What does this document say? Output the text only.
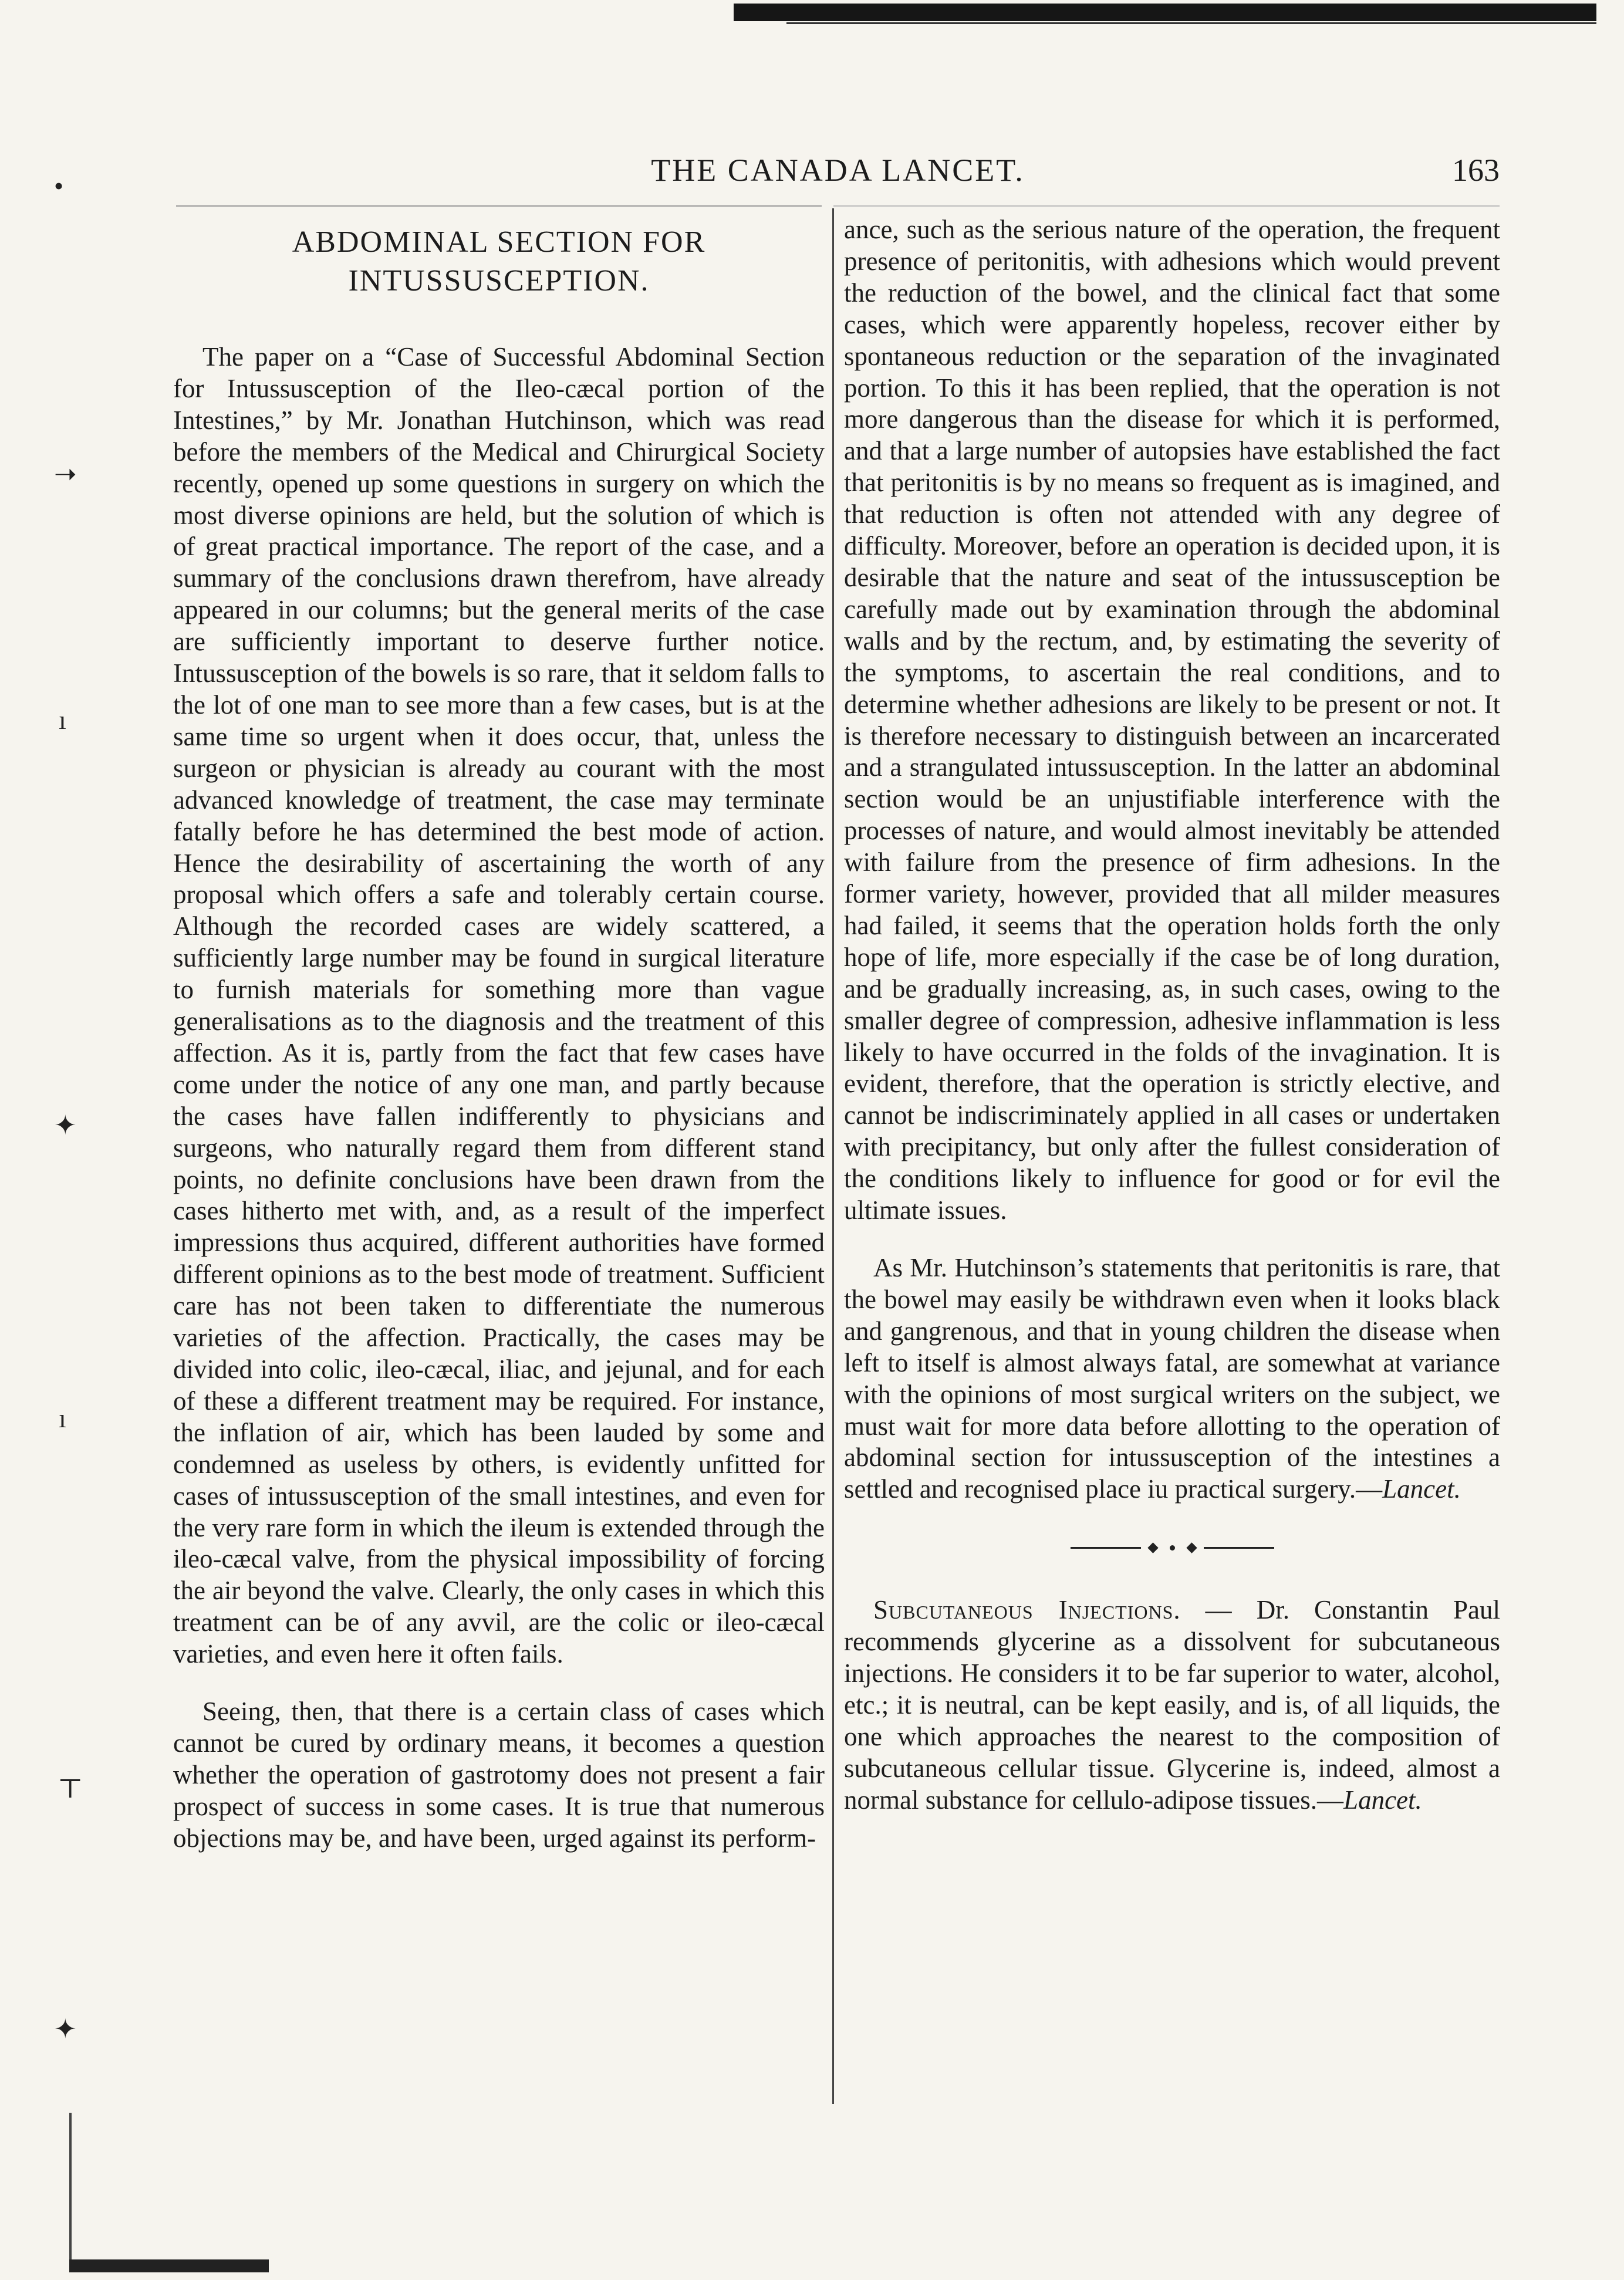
THE CANADA LANCET.	163
•
➝
ı
✦
ı
⊤
✦
ABDOMINAL SECTION FOR INTUSSUSCEPTION.

The paper on a “Case of Successful Abdominal Section for Intussusception of the Ileo-cæcal portion of the Intestines,” by Mr. Jonathan Hutchinson, which was read before the members of the Medical and Chirurgical Society recently, opened up some questions in surgery on which the most diverse opinions are held, but the solution of which is of great practical importance. The report of the case, and a summary of the conclusions drawn therefrom, have already appeared in our columns; but the general merits of the case are sufficiently important to deserve further notice. Intussusception of the bowels is so rare, that it seldom falls to the lot of one man to see more than a few cases, but is at the same time so urgent when it does occur, that, unless the surgeon or physician is already au courant with the most advanced knowledge of treatment, the case may terminate fatally before he has determined the best mode of action. Hence the desirability of ascertaining the worth of any proposal which offers a safe and tolerably certain course. Although the recorded cases are widely scattered, a sufficiently large number may be found in surgical literature to furnish materials for something more than vague generalisations as to the diagnosis and the treatment of this affection. As it is, partly from the fact that few cases have come under the notice of any one man, and partly because the cases have fallen indifferently to physicians and surgeons, who naturally regard them from different stand points, no definite conclusions have been drawn from the cases hitherto met with, and, as a result of the imperfect impressions thus acquired, different authorities have formed different opinions as to the best mode of treatment. Sufficient care has not been taken to differentiate the numerous varieties of the affection. Practically, the cases may be divided into colic, ileo-cæcal, iliac, and jejunal, and for each of these a different treatment may be required. For instance, the inflation of air, which has been lauded by some and condemned as useless by others, is evidently unfitted for cases of intussusception of the small intestines, and even for the very rare form in which the ileum is extended through the ileo-cæcal valve, from the physical impossibility of forcing the air beyond the valve. Clearly, the only cases in which this treatment can be of any avvil, are the colic or ileo-cæcal varieties, and even here it often fails.

Seeing, then, that there is a certain class of cases which cannot be cured by ordinary means, it becomes a question whether the operation of gastrotomy does not present a fair prospect of success in some cases. It is true that numerous objections may be, and have been, urged against its perform-

ance, such as the serious nature of the operation, the frequent presence of peritonitis, with adhesions which would prevent the reduction of the bowel, and the clinical fact that some cases, which were apparently hopeless, recover either by spontaneous reduction or the separation of the invaginated portion. To this it has been replied, that the operation is not more dangerous than the disease for which it is performed, and that a large number of autopsies have established the fact that peritonitis is by no means so frequent as is imagined, and that reduction is often not attended with any degree of difficulty. Moreover, before an operation is decided upon, it is desirable that the nature and seat of the intussusception be carefully made out by examination through the abdominal walls and by the rectum, and, by estimating the severity of the symptoms, to ascertain the real conditions, and to determine whether adhesions are likely to be present or not. It is therefore necessary to distinguish between an incarcerated and a strangulated intussusception. In the latter an abdominal section would be an unjustifiable interference with the processes of nature, and would almost inevitably be attended with failure from the presence of firm adhesions. In the former variety, however, provided that all milder measures had failed, it seems that the operation holds forth the only hope of life, more especially if the case be of long duration, and be gradually increasing, as, in such cases, owing to the smaller degree of compression, adhesive inflammation is less likely to have occurred in the folds of the invagination. It is evident, therefore, that the operation is strictly elective, and cannot be indiscriminately applied in all cases or undertaken with precipitancy, but only after the fullest consideration of the conditions likely to influence for good or for evil the ultimate issues.

As Mr. Hutchinson’s statements that peritonitis is rare, that the bowel may easily be withdrawn even when it looks black and gangrenous, and that in young children the disease when left to itself is almost always fatal, are somewhat at variance with the opinions of most surgical writers on the subject, we must wait for more data before allotting to the operation of abdominal section for intussusception of the intestines a settled and recognised place iu practical surgery.—Lancet.

Subcutaneous Injections. — Dr. Constantin Paul recommends glycerine as a dissolvent for subcutaneous injections. He considers it to be far superior to water, alcohol, etc.; it is neutral, can be kept easily, and is, of all liquids, the one which approaches the nearest to the composition of subcutaneous cellular tissue. Glycerine is, indeed, almost a normal substance for cellulo-adipose tissues.—Lancet.
